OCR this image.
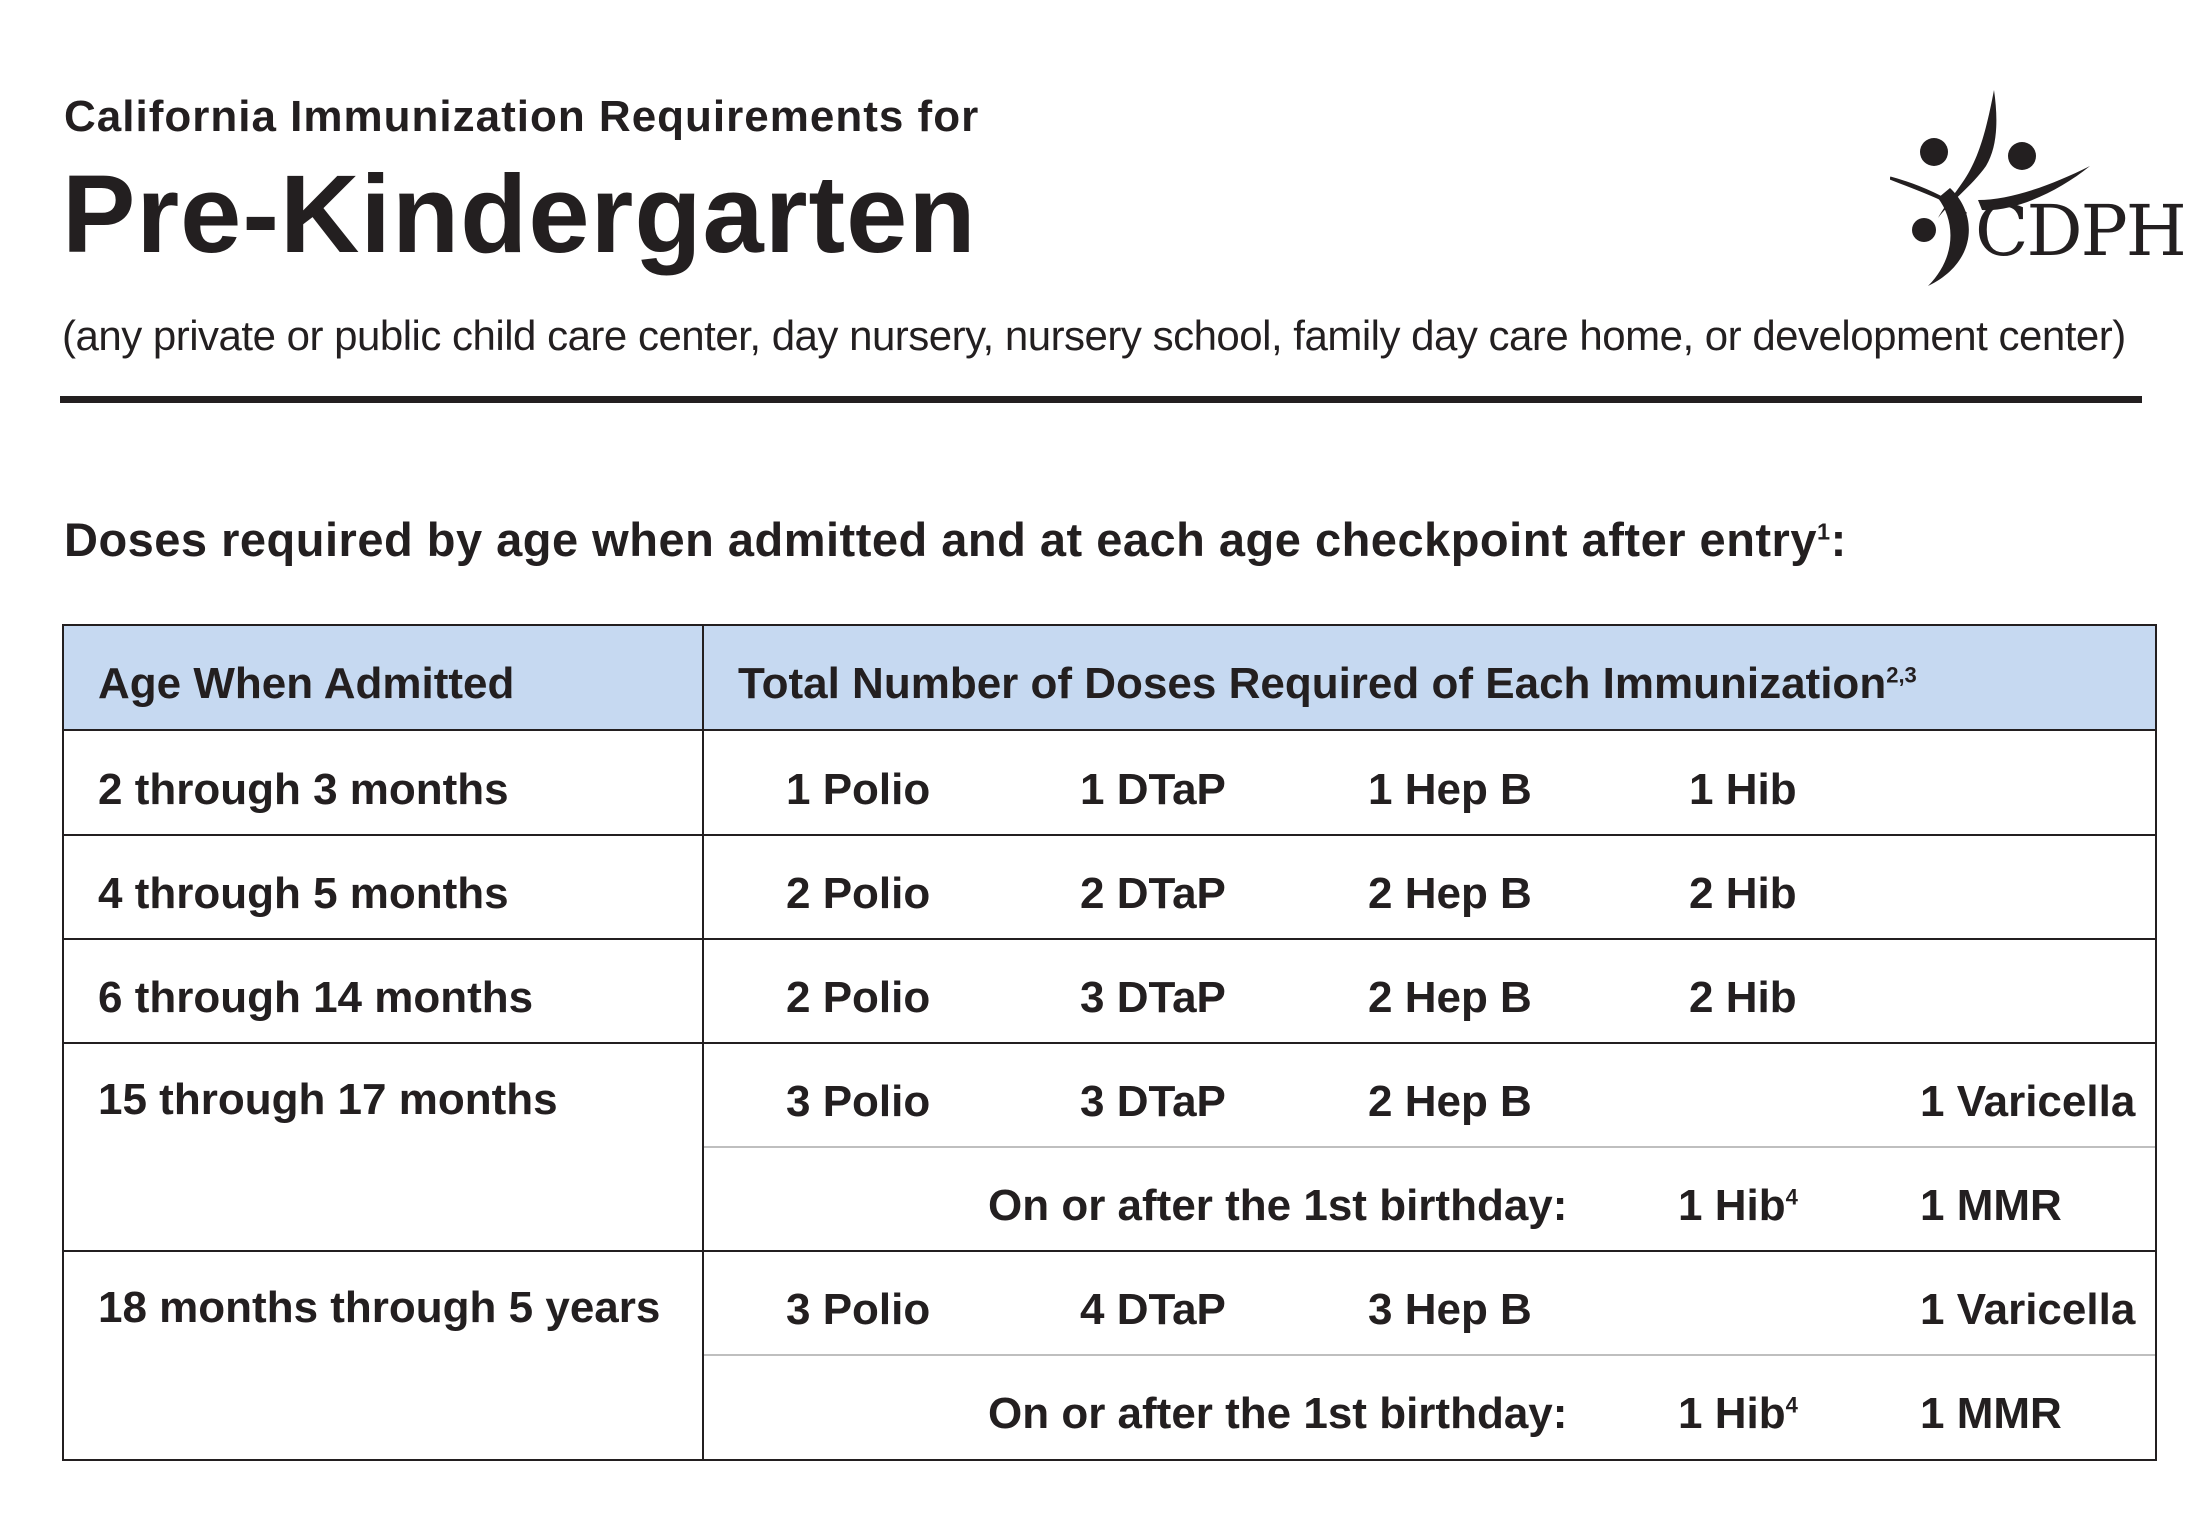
California Immunization Requirements for
Pre-Kindergarten
(any private or public child care center, day nursery, nursery school, family day care home, or development center)
CDPH
Doses required by age when admitted and at each age checkpoint after entry$^1$:
Age When Admitted	Total Number of Doses Required of Each Immunization$^{2,3}$
2 through 3 months	1 Polio	1 DTaP	1 Hep B	1 Hib
4 through 5 months	2 Polio	2 DTaP	2 Hep B	2 Hib
6 through 14 months	2 Polio	3 DTaP	2 Hep B	2 Hib
15 through 17 months	3 Polio	3 DTaP	2 Hep B	1 Varicella
On or after the 1st birthday:	1 Hib$^4$	1 MMR
18 months through 5 years	3 Polio	4 DTaP	3 Hep B	1 Varicella
On or after the 1st birthday:	1 Hib$^4$	1 MMR
